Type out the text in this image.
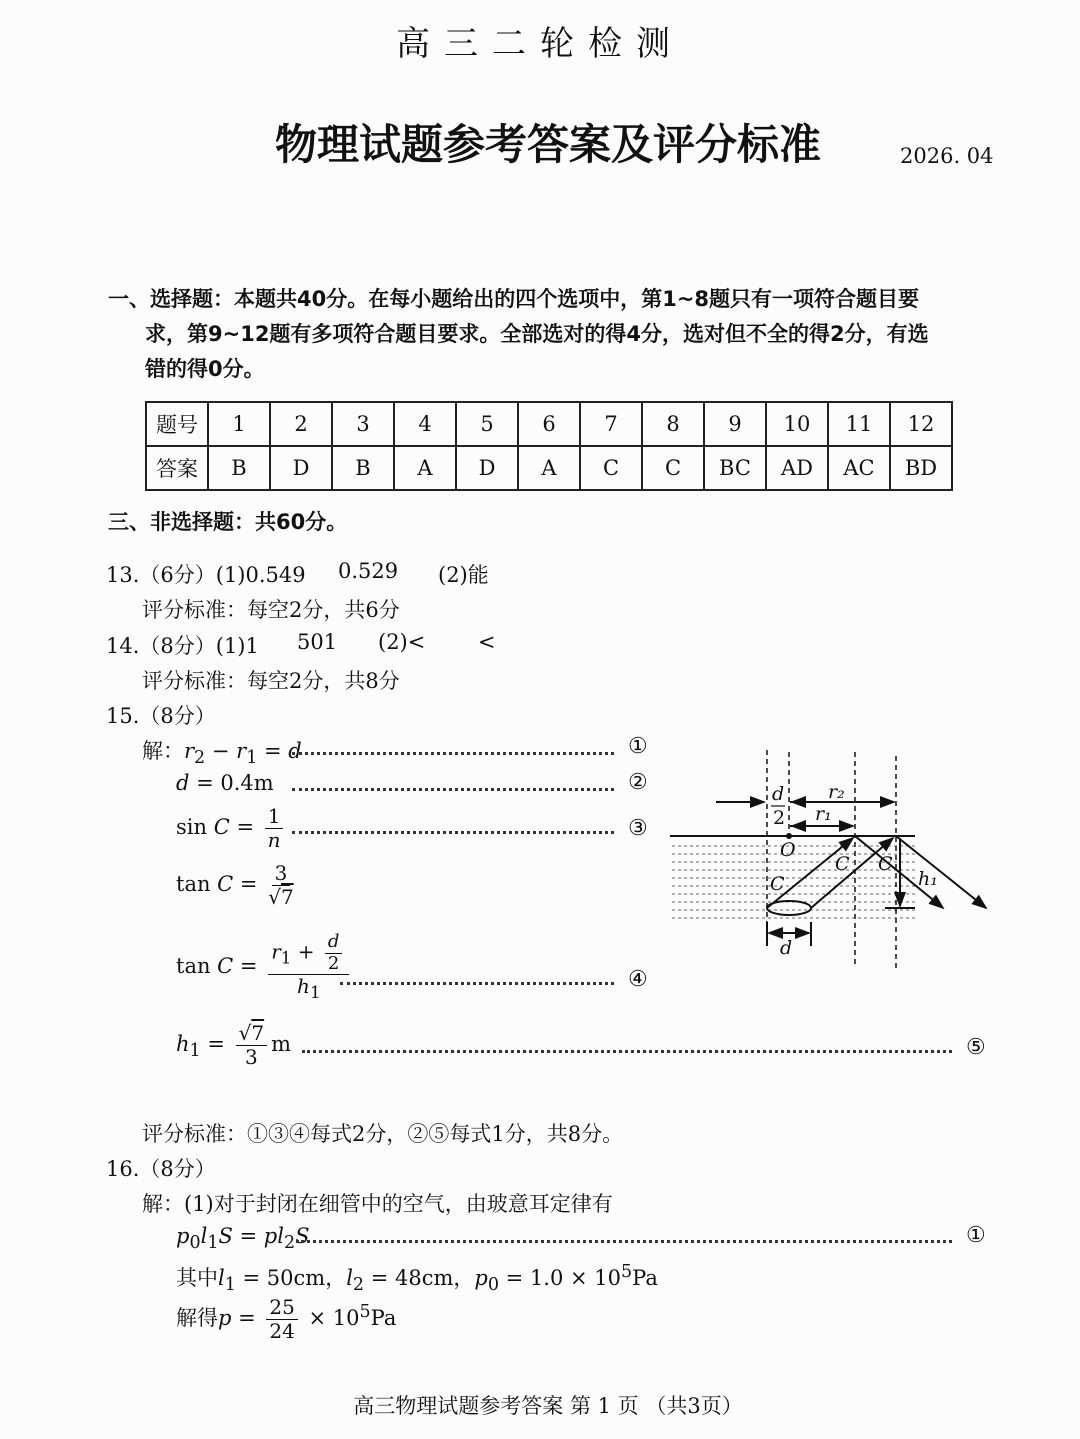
高三二轮检测
物理试题参考答案及评分标准	2026. 04
一、选择题：本题共40分。在每小题给出的四个选项中，第1~8题只有一项符合题目要
求，第9~12题有多项符合题目要求。全部选对的得4分，选对但不全的得2分，有选
错的得0分。
题号	1	2	3	4	5	6	7	8	9	10	11	12
答案	B	D	B	A	D	A	C	C	BC	AD	AC	BD
三、非选择题：共60分。
13.（6分）(1)0.549 0.529 (2)能
评分标准：每空2分，共6分
14.（8分）(1)1 501 (2)<	<
评分标准：每空2分，共8分
15.（8分）
解：$r_2 - r_1 = d$	①
d = 0.4m	②
$\sin C = \frac{1}{n}$	③
$\tan C = \frac{3}{√7}$
$\tan C = \frac{r_1 + \frac{d}{2}}{h_1}$	④
$h_1 = \frac{√7}{3}$ m	⑤
d
2
r₂
r₁
O
C
C C
h₁
d
评分标准：①③④每式2分，②⑤每式1分，共8分。
16.（8分）
解：(1)对于封闭在细管中的空气，由玻意耳定律有
$p_0l_1S = pl_2S$	①
其中$l_1 = 50cm$，$l_2 = 48cm$，$p_0 = 1.0 \times 10^5Pa$
解得$p = \frac{25}{24} \times 10^5Pa$
高三物理试题参考答案 第 1 页 （共3页）
